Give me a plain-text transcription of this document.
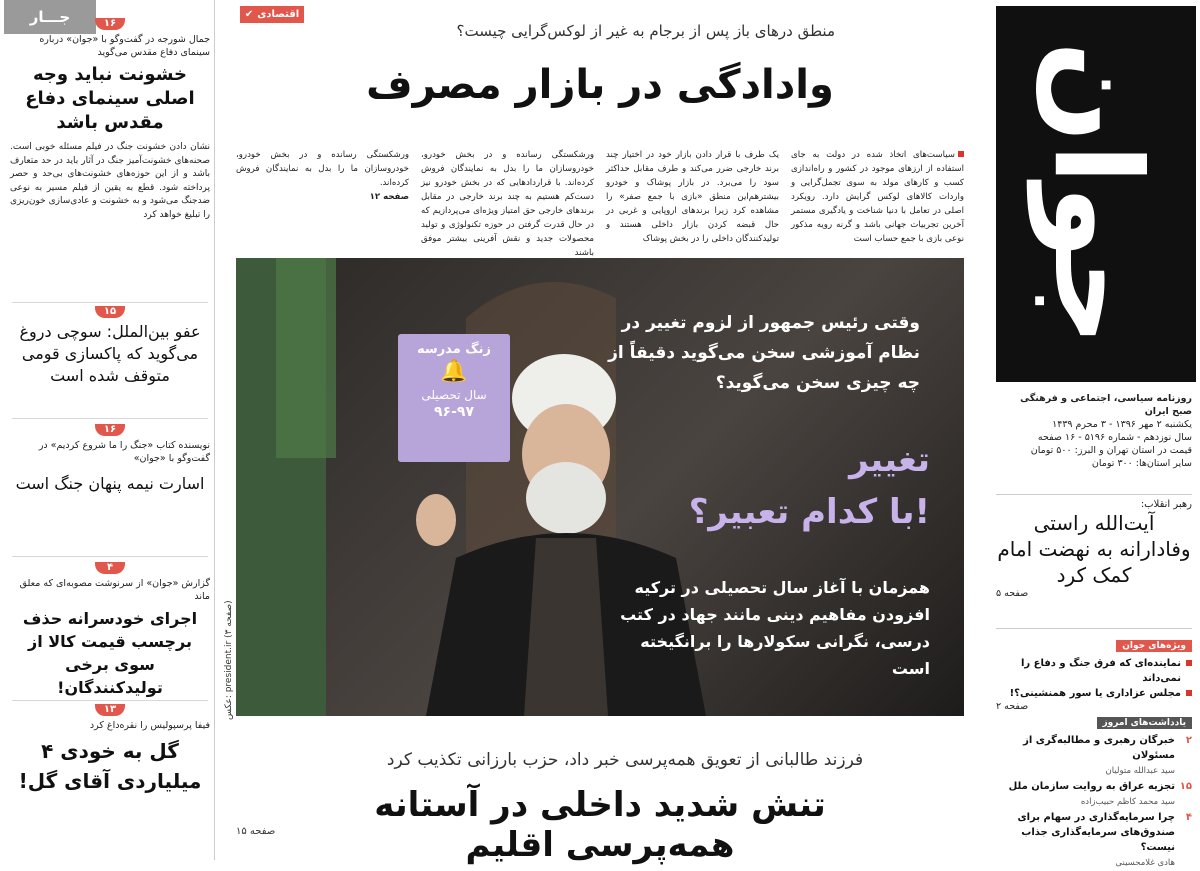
جـــار	۱۶
جمال شورجه در گفت‌وگو با «جوان» درباره سینمای دفاع مقدس می‌گوید
خشونت نباید وجه اصلی سینمای دفاع مقدس باشد
نشان دادن خشونت جنگ در فیلم مسئله خوبی است. صحنه‌های خشونت‌آمیز جنگ در آثار باید در حد متعارف باشد و از این حوزه‌های خشونت‌های بی‌حد و حصر پرداخته شود. قطع به یقین از فیلم مسیر به نوعی ضدجنگ می‌شود و به خشونت و عادی‌سازی خون‌ریزی را تبلیغ خواهد کرد
۱۵
عفو بین‌الملل: سوچی دروغ می‌گوید که پاکسازی قومی متوقف شده است
۱۶
نویسنده کتاب «جنگ را ما شروع کردیم» در گفت‌وگو با «جوان»
اسارت نیمه پنهان جنگ است
۴
گزارش «جوان» از سرنوشت مصوبه‌ای که معلق ماند
اجرای خودسرانه حذف برچسب قیمت کالا از سوی برخی تولیدکنندگان!
۱۳
فیفا پرسپولیس را نقره‌داغ کرد
گل به خودی ۴ میلیاردی آقای گل!
✔ اقتصادی
منطق درهای باز پس از برجام به غیر از لوکس‌گرایی چیست؟
وادادگی در بازار مصرف
سیاست‌های اتخاذ شده در دولت به جای استفاده از ارزهای موجود در کشور و راه‌اندازی کسب و کارهای مولد به سوی تجمل‌گرایی و واردات کالاهای لوکس گرایش دارد. رویکرد اصلی در تعامل با دنیا شناخت و یادگیری مستمر آخرین تجربیات جهانی باشد و گرنه رویه مذکور نوعی بازی با جمع حساب است
یک طرف با قرار دادن بازار خود در اختیار چند برند خارجی ضرر می‌کند و طرف مقابل حداکثر سود را می‌برد. در بازار پوشاک و خودرو بیشترهم‌این منطق «بازی با جمع صفر» را مشاهده کرد زیرا برندهای اروپایی و غربی در حال قبضه کردن بازار داخلی هستند و تولیدکنندگان داخلی را در بخش پوشاک
ورشکستگی رسانده و در بخش خودرو، خودروسازان ما را بدل به نمایندگان فروش کرده‌اند. با قراردادهایی که در بخش خودرو نیز دست‌کم هستیم به چند برند خارجی در مقابل برندهای خارجی حق امتیاز ویژه‌ای می‌پردازیم که در حال قدرت گرفتن در حوزه تکنولوژی و تولید محصولات جدید و نقش آفرینی بیشتر موفق باشند
ورشکستگی رسانده و در بخش خودرو، خودروسازان ما را بدل به نمایندگان فروش کرده‌اند.
صفحه ۱۲
زنگ مدرسه
🔔
سال تحصیلی
۹۶-۹۷
عکس: president.ir (صفحه ۳)
وقتی رئیس جمهور از لزوم تغییر در نظام آموزشی سخن می‌گوید دقیقاً از چه چیزی سخن می‌گوید؟
تغییر
با کدام تعبیر؟!
همزمان با آغاز سال تحصیلی در ترکیه افزودن مفاهیم دینی مانند جهاد در کتب درسی، نگرانی سکولارها را برانگیخته است
فرزند طالبانی از تعویق همه‌پرسی خبر داد، حزب بارزانی تکذیب کرد
تنش شدید داخلی در آستانه همه‌پرسی اقلیم
صفحه ۱۵
جوان
روزنامه سیاسی، اجتماعی و فرهنگی صبح ایران
یکشنبه ۲ مهر ۱۳۹۶ - ۳ محرم ۱۴۳۹
سال نوزدهم - شماره ۵۱۹۶ - ۱۶ صفحه
قیمت در استان تهران و البرز: ۵۰۰ تومان
سایر استان‌ها: ۳۰۰ تومان
رهبر انقلاب:
آیت‌الله راستی وفادارانه به نهضت امام کمک کرد
صفحه ۵
ویژه‌های جوان
نماینده‌ای که فرق جنگ و دفاع را نمی‌داند
مجلس عزاداری یا سور همنشینی؟!
صفحه ۲
یادداشت‌های امروز
۲
خبرگان رهبری و مطالبه‌گری از مسئولان
سید عبدالله متولیان
۱۵
تجزیه عراق به روایت سازمان ملل
سید محمد کاظم حبیب‌زاده
۴
چرا سرمایه‌گذاری در سهام برای صندوق‌های سرمایه‌گذاری جذاب نیست؟
هادی غلامحسینی
